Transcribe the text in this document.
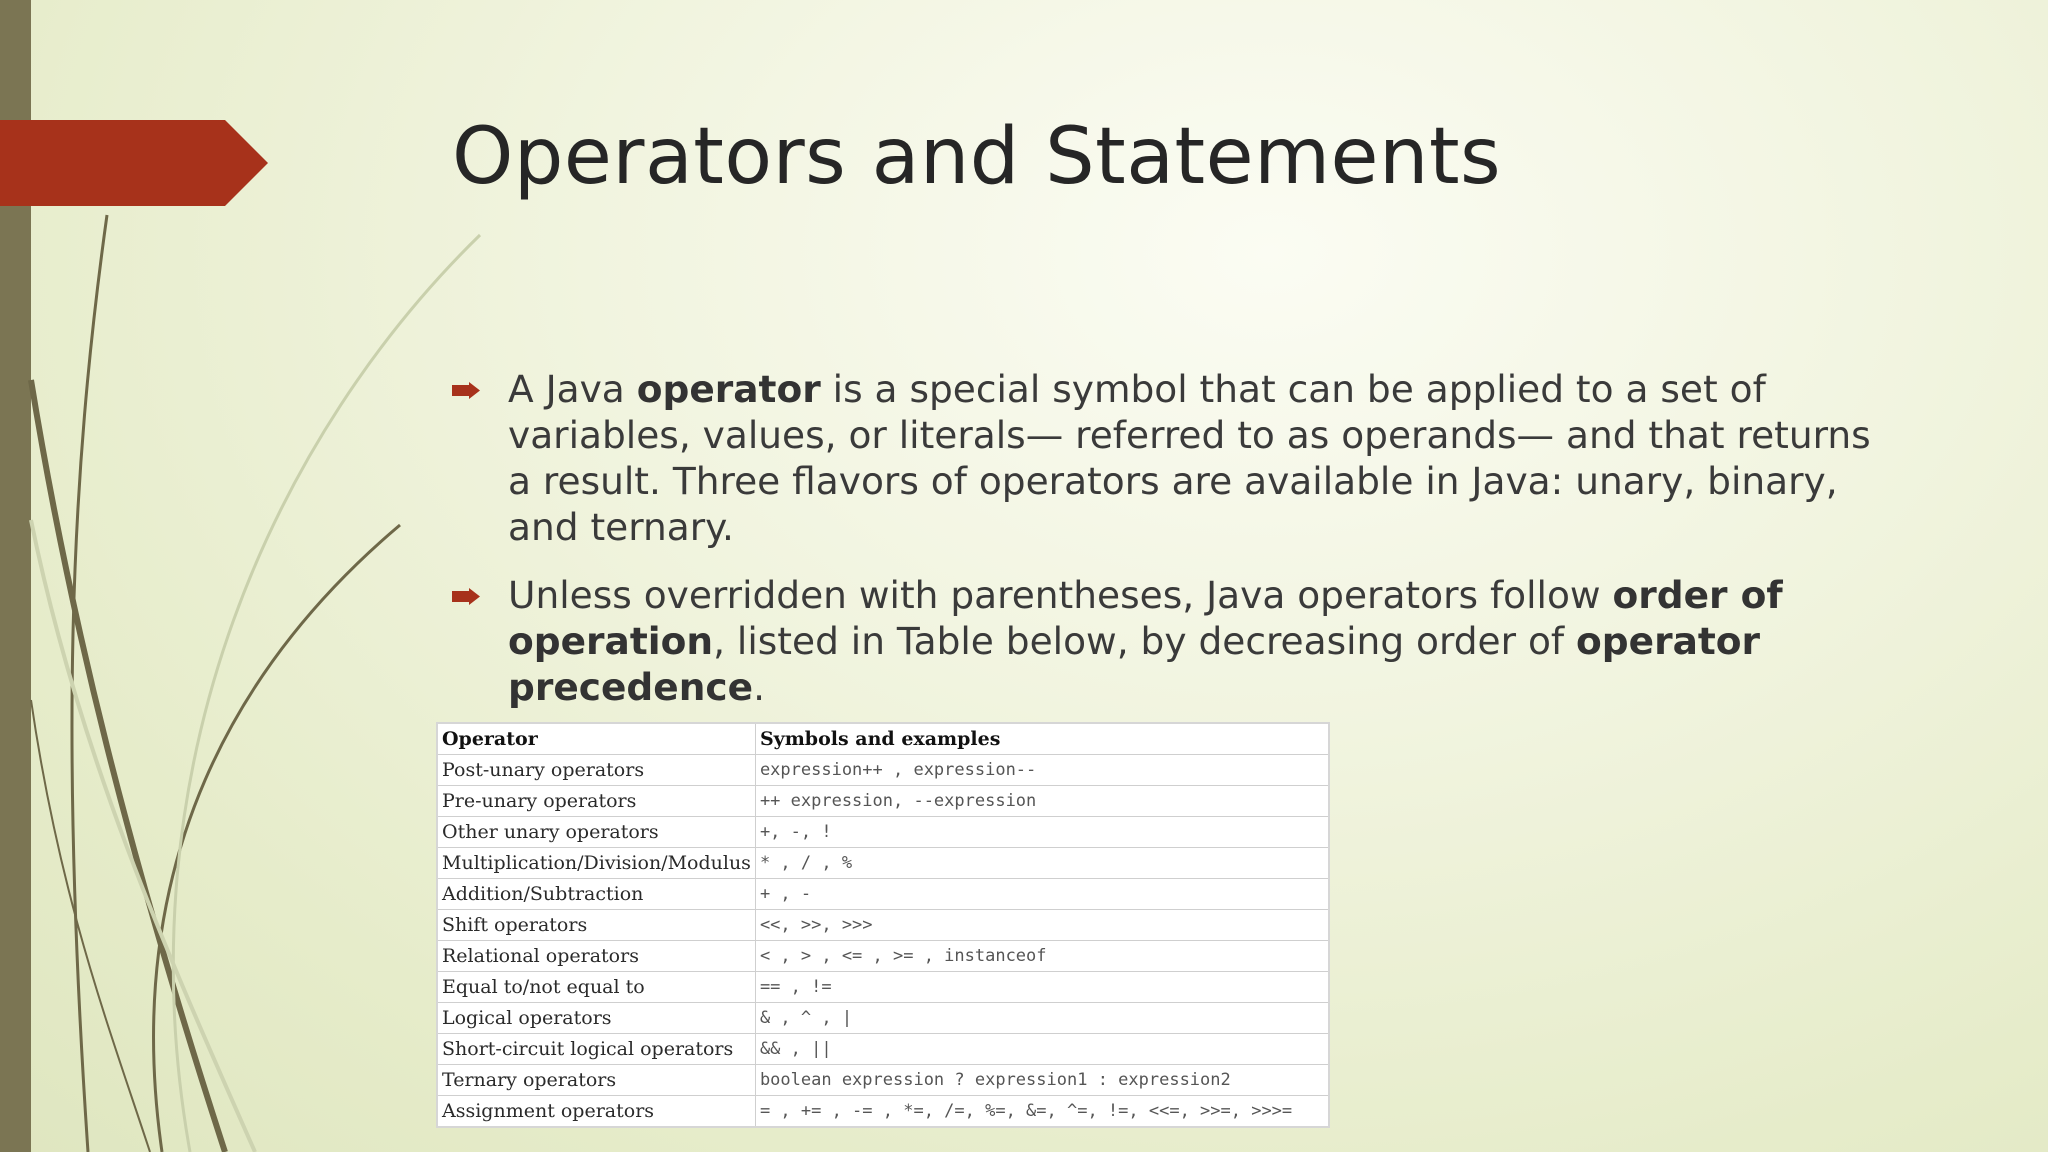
Operators and Statements
A Java operator is a special symbol that can be applied to a set of variables, values, or literals— referred to as operands— and that returns a result. Three flavors of operators are available in Java: unary, binary, and ternary.
Unless overridden with parentheses, Java operators follow order of operation, listed in Table below, by decreasing order of operator precedence.
Operator	Symbols and examples
Post-unary operators	expression++ , expression--
Pre-unary operators	++ expression, --expression
Other unary operators	+, -, !
Multiplication/Division/Modulus	* , / , %
Addition/Subtraction	+ , -
Shift operators	<<, >>, >>>
Relational operators	< , > , <= , >= , instanceof
Equal to/not equal to	== , !=
Logical operators	& , ^ , |
Short-circuit logical operators	&& , ||
Ternary operators	boolean expression ? expression1 : expression2
Assignment operators	= , += , -= , *=, /=, %=, &=, ^=, !=, <<=, >>=, >>>=
